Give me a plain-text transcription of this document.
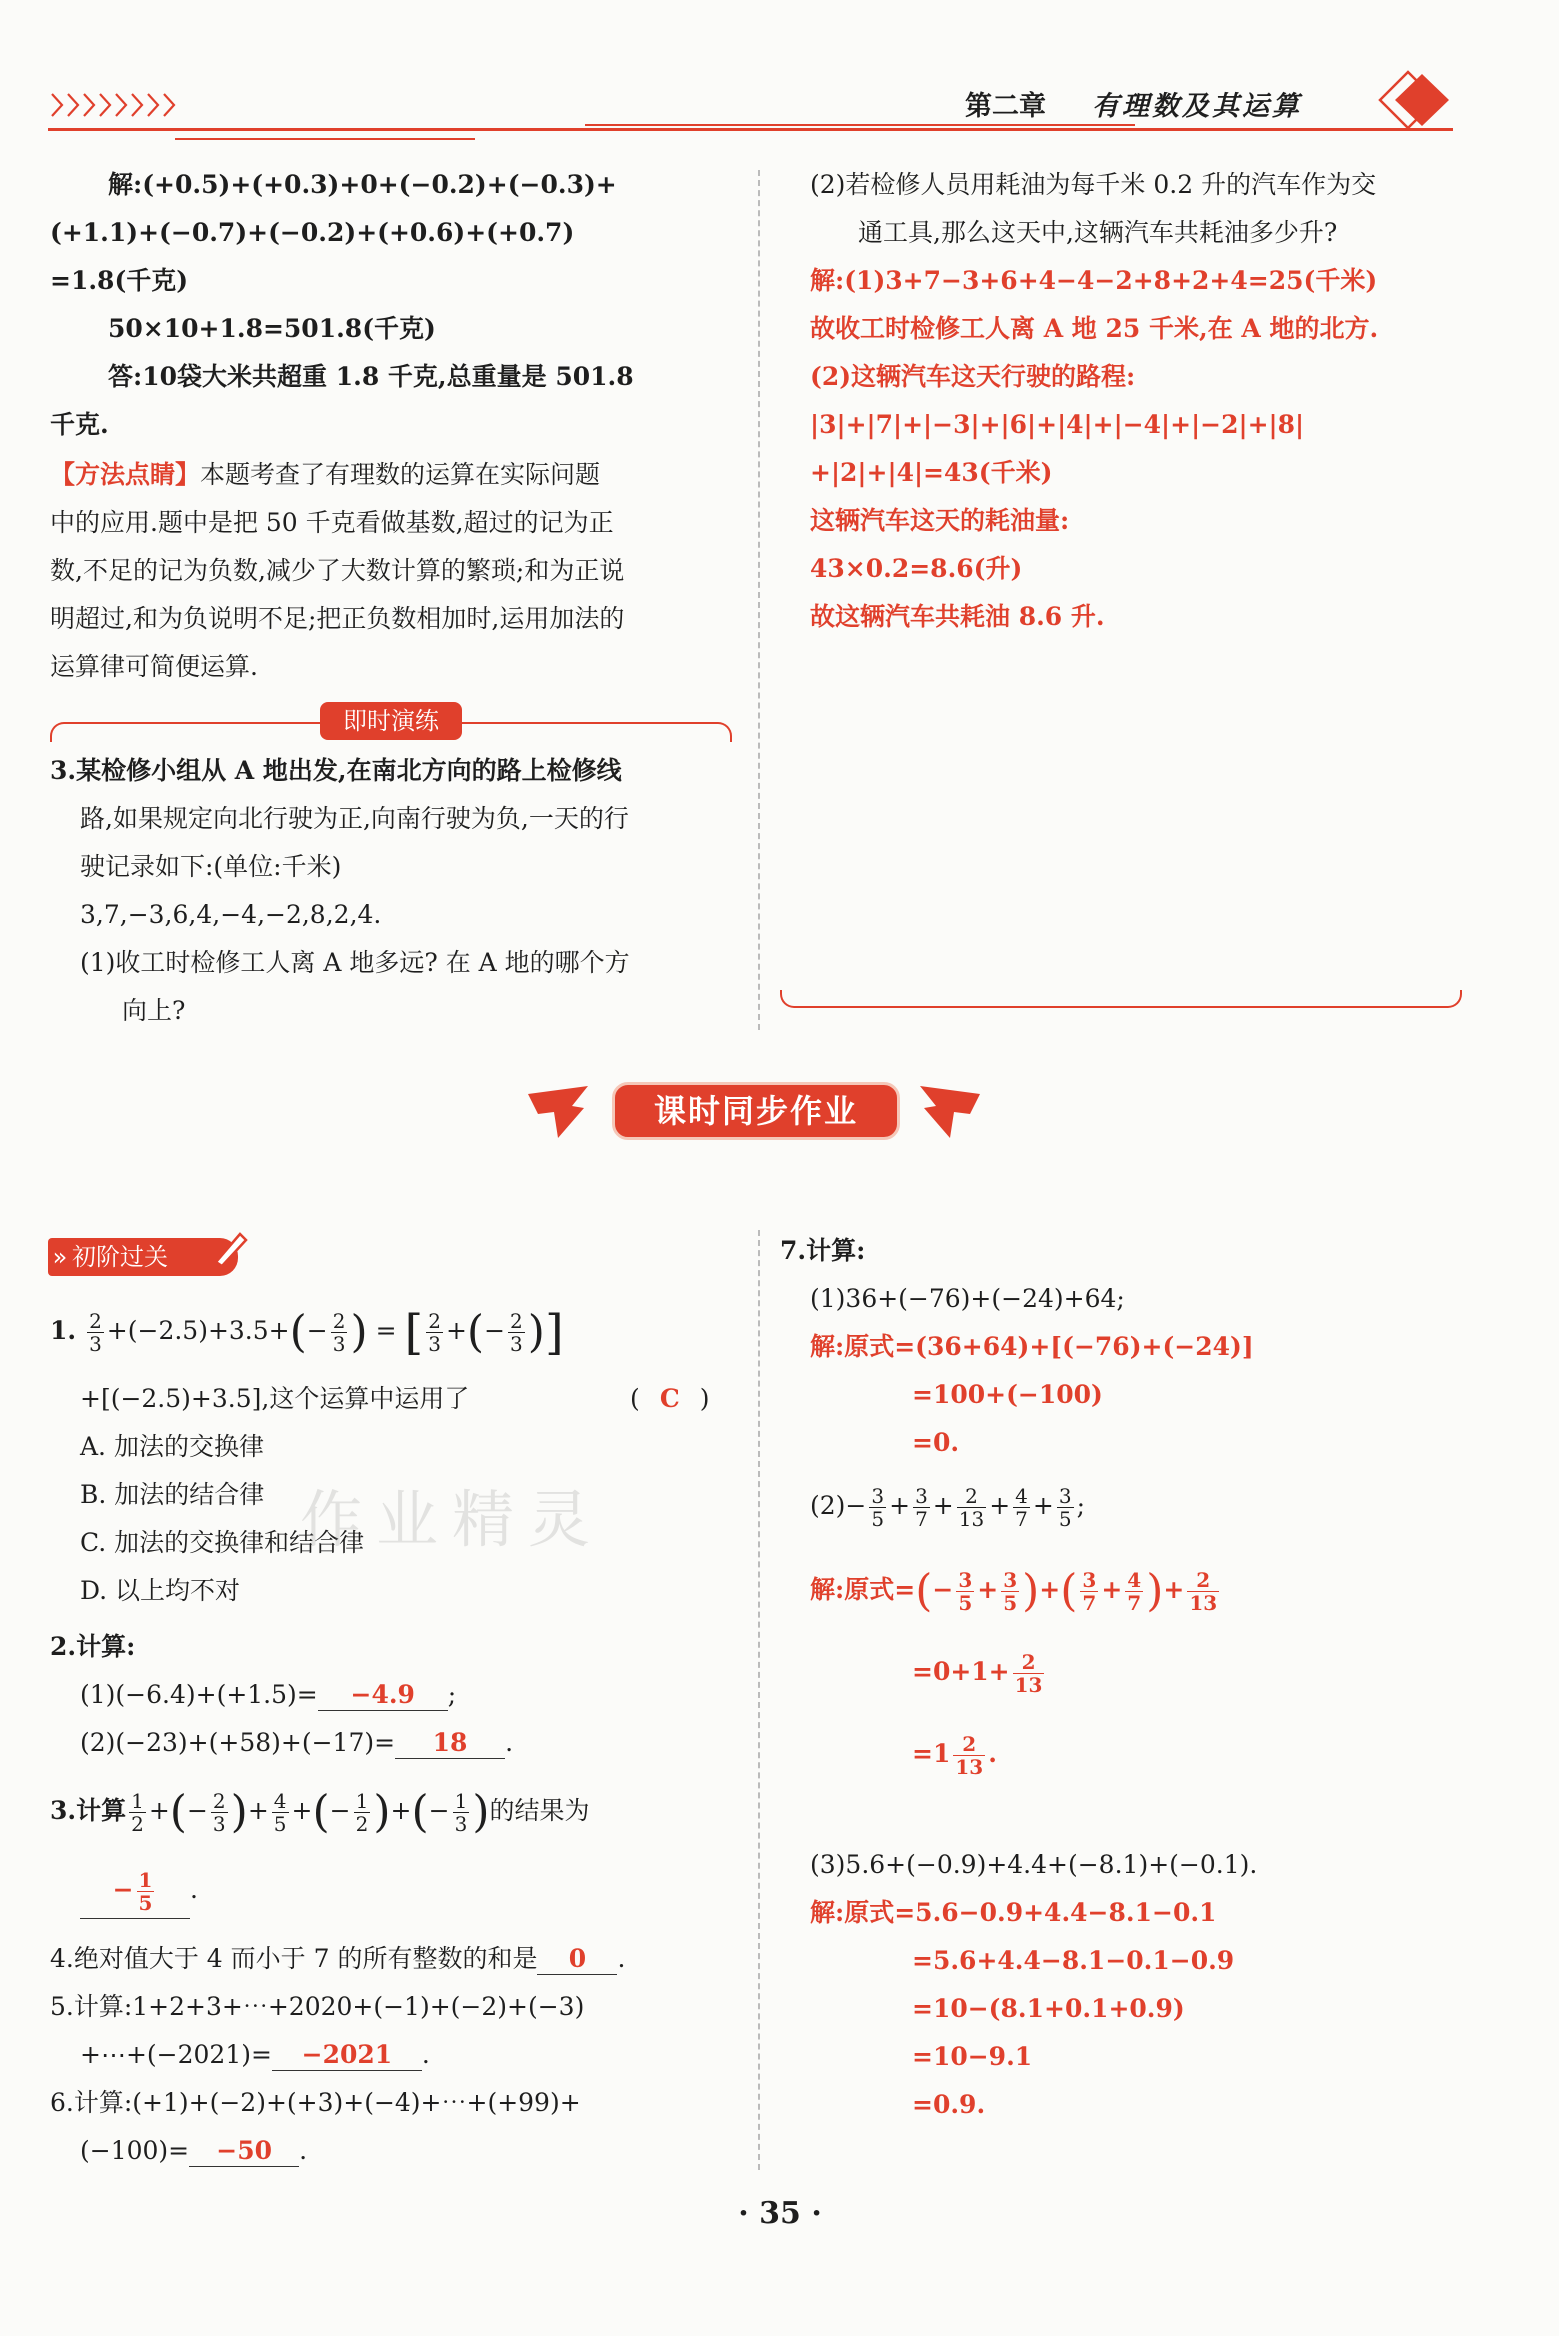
第二章 有理数及其运算
解:(+0.5)+(+0.3)+0+(−0.2)+(−0.3)+
(+1.1)+(−0.7)+(−0.2)+(+0.6)+(+0.7)
=1.8(千克)
50×10+1.8=501.8(千克)
答:10袋大米共超重 1.8 千克,总重量是 501.8
千克.
【方法点睛】本题考查了有理数的运算在实际问题
中的应用.题中是把 50 千克看做基数,超过的记为正
数,不足的记为负数,减少了大数计算的繁琐;和为正说
明超过,和为负说明不足;把正负数相加时,运用加法的
运算律可简便运算.
即时演练
3.某检修小组从 A 地出发,在南北方向的路上检修线
路,如果规定向北行驶为正,向南行驶为负,一天的行
驶记录如下:(单位:千米)
3,7,−3,6,4,−4,−2,8,2,4.
(1)收工时检修工人离 A 地多远? 在 A 地的哪个方
向上?
(2)若检修人员用耗油为每千米 0.2 升的汽车作为交
通工具,那么这天中,这辆汽车共耗油多少升?
解:(1)3+7−3+6+4−4−2+8+2+4=25(千米)
故收工时检修工人离 A 地 25 千米,在 A 地的北方.
(2)这辆汽车这天行驶的路程:
|3|+|7|+|−3|+|6|+|4|+|−4|+|−2|+|8|
+|2|+|4|=43(千米)
这辆汽车这天的耗油量:
43×0.2=8.6(升)
故这辆汽车共耗油 8.6 升.
课时同步作业
» 初阶过关
1. $\frac{2}{3} +(-2.5)+3.5+(- \frac{2}{3}$ ) = [ $\frac{2}{3}$ +(− $\frac{2}{3}$ )]
+[(−2.5)+3.5],这个运算中运用了	( C )
A. 加法的交换律
B. 加法的结合律
C. 加法的交换律和结合律
D. 以上均不对
2.计算:
(1)(−6.4)+(+1.5)= −4.9 ;
(2)(−23)+(+58)+(−17)= 18 .
3.计算 $\frac{1}{2}$ +(− $\frac{2}{3}$ )+ $\frac{4}{5}$ +(− $\frac{1}{2}$ )+(− $\frac{1}{3}$ )的结果为
− $\frac{1}{5}$ .
4.绝对值大于 4 而小于 7 的所有整数的和是 0 .
5.计算:1+2+3+⋯+2020+(−1)+(−2)+(−3)
+⋯+(−2021)= −2021 .
6.计算:(+1)+(−2)+(+3)+(−4)+⋯+(+99)+
(−100)= −50 .
7.计算:
(1)36+(−76)+(−24)+64;
解:原式=(36+64)+[(−76)+(−24)]
=100+(−100)
=0.
$(2)- \frac{3}{5} + \frac{3}{7} + \frac{2}{13} + \frac{4}{7} + \frac{3}{5}$ ;
解:原式=(− $\frac{3}{5} + \frac{3}{5}$ )+( $\frac{3}{7} + \frac{4}{7}$ )+ $\frac{2}{13}$
$=0+1+ \frac{2}{13}$
$=1 \frac{2}{13}$ .
(3)5.6+(−0.9)+4.4+(−8.1)+(−0.1).
解:原式=5.6−0.9+4.4−8.1−0.1
=5.6+4.4−8.1−0.1−0.9
=10−(8.1+0.1+0.9)
=10−9.1
=0.9.
作业精灵
· 35 ·
